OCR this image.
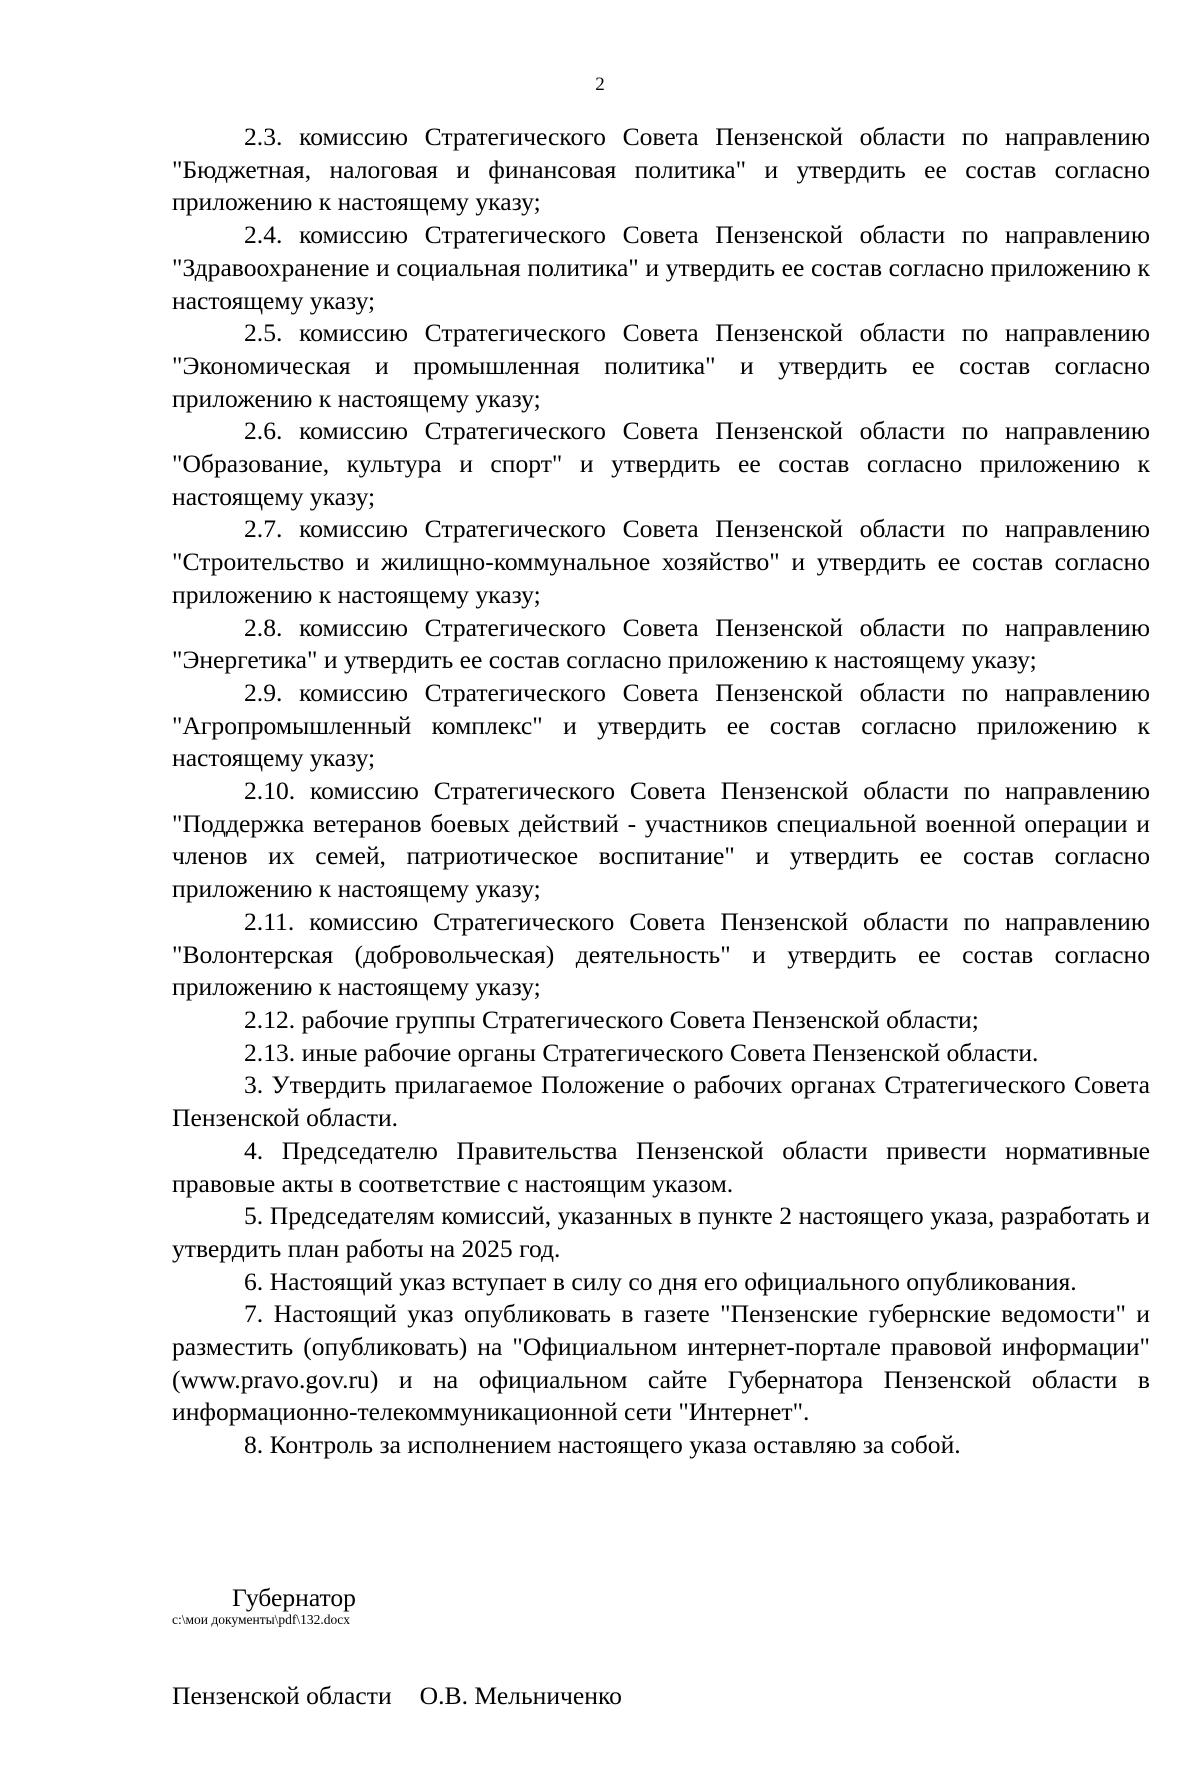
2

2.3. комиссию Стратегического Совета Пензенской области по направлению "Бюджетная, налоговая и финансовая политика" и утвердить ее состав согласно приложению к настоящему указу;

2.4. комиссию Стратегического Совета Пензенской области по направлению "Здравоохранение и социальная политика" и утвердить ее состав согласно приложению к настоящему указу;

2.5. комиссию Стратегического Совета Пензенской области по направлению "Экономическая и промышленная политика" и утвердить ее состав согласно приложению к настоящему указу;

2.6. комиссию Стратегического Совета Пензенской области по направлению "Образование, культура и спорт" и утвердить ее состав согласно приложению к настоящему указу;

2.7. комиссию Стратегического Совета Пензенской области по направлению "Строительство и жилищно-коммунальное хозяйство" и утвердить ее состав согласно приложению к настоящему указу;

2.8. комиссию Стратегического Совета Пензенской области по направлению "Энергетика" и утвердить ее состав согласно приложению к настоящему указу;

2.9. комиссию Стратегического Совета Пензенской области по направлению "Агропромышленный комплекс" и утвердить ее состав согласно приложению к настоящему указу;

2.10. комиссию Стратегического Совета Пензенской области по направлению "Поддержка ветеранов боевых действий - участников специальной военной операции и членов их семей, патриотическое воспитание" и утвердить ее состав согласно приложению к настоящему указу;

2.11. комиссию Стратегического Совета Пензенской области по направлению "Волонтерская (добровольческая) деятельность" и утвердить ее состав согласно приложению к настоящему указу;

2.12. рабочие группы Стратегического Совета Пензенской области;

2.13. иные рабочие органы Стратегического Совета Пензенской области.

3. Утвердить прилагаемое Положение о рабочих органах Стратегического Совета Пензенской области.

4. Председателю Правительства Пензенской области привести нормативные правовые акты в соответствие с настоящим указом.

5. Председателям комиссий, указанных в пункте 2 настоящего указа, разработать и утвердить план работы на 2025 год.

6. Настоящий указ вступает в силу со дня его официального опубликования.

7. Настоящий указ опубликовать в газете "Пензенские губернские ведомости" и разместить (опубликовать) на "Официальном интернет-портале правовой информации" (www.pravo.gov.ru) и на официальном сайте Губернатора Пензенской области в информационно-телекоммуникационной сети "Интернет".

8. Контроль за исполнением настоящего указа оставляю за собой.

Губернатор

Пензенской области О.В. Мельниченко

c:\мои документы\pdf\132.docx
